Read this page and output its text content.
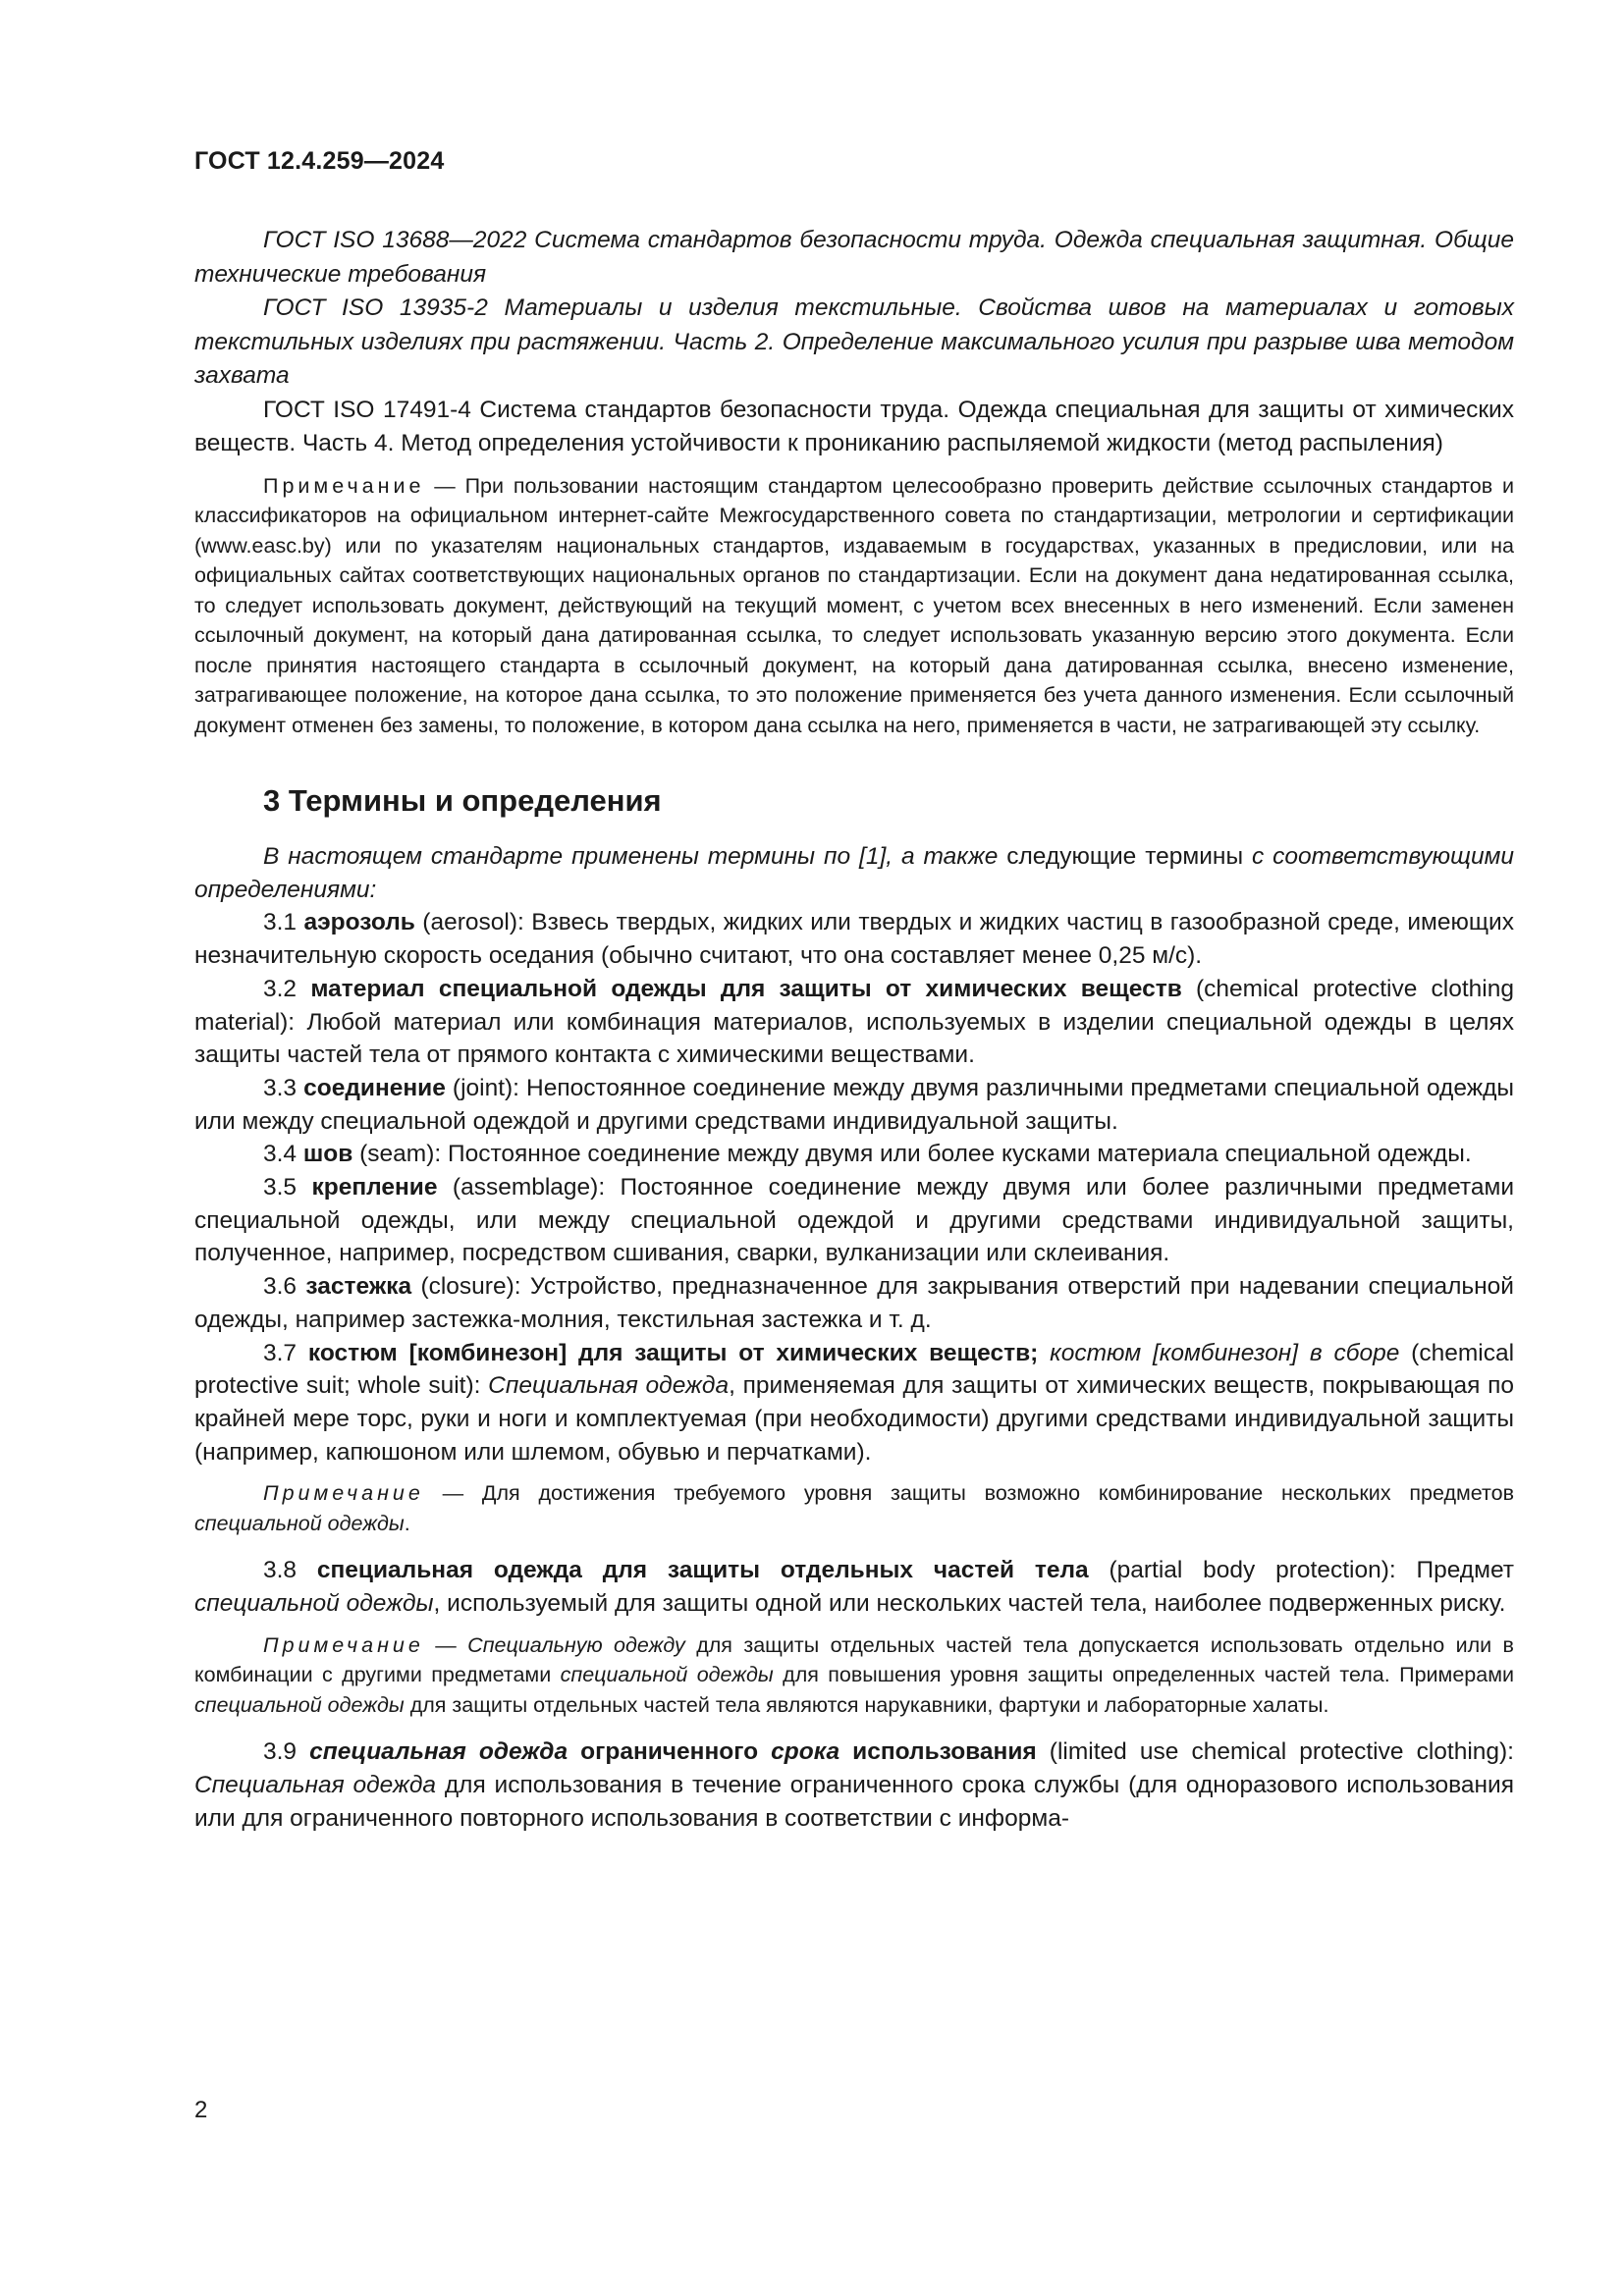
ГОСТ 12.4.259—2024

ГОСТ ISO 13688—2022 Система стандартов безопасности труда. Одежда специальная защитная. Общие технические требования

ГОСТ ISO 13935-2 Материалы и изделия текстильные. Свойства швов на материалах и готовых текстильных изделиях при растяжении. Часть 2. Определение максимального усилия при разрыве шва методом захвата

ГОСТ ISO 17491-4 Система стандартов безопасности труда. Одежда специальная для защиты от химических веществ. Часть 4. Метод определения устойчивости к прониканию распыляемой жидкости (метод распыления)

Примечание — При пользовании настоящим стандартом целесообразно проверить действие ссылочных стандартов и классификаторов на официальном интернет-сайте Межгосударственного совета по стандартизации, метрологии и сертификации (www.easc.by) или по указателям национальных стандартов, издаваемым в государствах, указанных в предисловии, или на официальных сайтах соответствующих национальных органов по стандартизации. Если на документ дана недатированная ссылка, то следует использовать документ, действующий на текущий момент, с учетом всех внесенных в него изменений. Если заменен ссылочный документ, на который дана датированная ссылка, то следует использовать указанную версию этого документа. Если после принятия настоящего стандарта в ссылочный документ, на который дана датированная ссылка, внесено изменение, затрагивающее положение, на которое дана ссылка, то это положение применяется без учета данного изменения. Если ссылочный документ отменен без замены, то положение, в котором дана ссылка на него, применяется в части, не затрагивающей эту ссылку.

3 Термины и определения

В настоящем стандарте применены термины по [1], а также следующие термины с соответствующими определениями:

3.1 аэрозоль (aerosol): Взвесь твердых, жидких или твердых и жидких частиц в газообразной среде, имеющих незначительную скорость оседания (обычно считают, что она составляет менее 0,25 м/с).

3.2 материал специальной одежды для защиты от химических веществ (chemical protective clothing material): Любой материал или комбинация материалов, используемых в изделии специальной одежды в целях защиты частей тела от прямого контакта с химическими веществами.

3.3 соединение (joint): Непостоянное соединение между двумя различными предметами специальной одежды или между специальной одеждой и другими средствами индивидуальной защиты.

3.4 шов (seam): Постоянное соединение между двумя или более кусками материала специальной одежды.

3.5 крепление (assemblage): Постоянное соединение между двумя или более различными предметами специальной одежды, или между специальной одеждой и другими средствами индивидуальной защиты, полученное, например, посредством сшивания, сварки, вулканизации или склеивания.

3.6 застежка (closure): Устройство, предназначенное для закрывания отверстий при надевании специальной одежды, например застежка-молния, текстильная застежка и т. д.

3.7 костюм [комбинезон] для защиты от химических веществ; костюм [комбинезон] в сборе (chemical protective suit; whole suit): Специальная одежда, применяемая для защиты от химических веществ, покрывающая по крайней мере торс, руки и ноги и комплектуемая (при необходимости) другими средствами индивидуальной защиты (например, капюшоном или шлемом, обувью и перчатками).

Примечание — Для достижения требуемого уровня защиты возможно комбинирование нескольких предметов специальной одежды.

3.8 специальная одежда для защиты отдельных частей тела (partial body protection): Предмет специальной одежды, используемый для защиты одной или нескольких частей тела, наиболее подверженных риску.

Примечание — Специальную одежду для защиты отдельных частей тела допускается использовать отдельно или в комбинации с другими предметами специальной одежды для повышения уровня защиты определенных частей тела. Примерами специальной одежды для защиты отдельных частей тела являются нарукавники, фартуки и лабораторные халаты.

3.9 специальная одежда ограниченного срока использования (limited use chemical protective clothing): Специальная одежда для использования в течение ограниченного срока службы (для одноразового использования или для ограниченного повторного использования в соответствии с информа-

2
